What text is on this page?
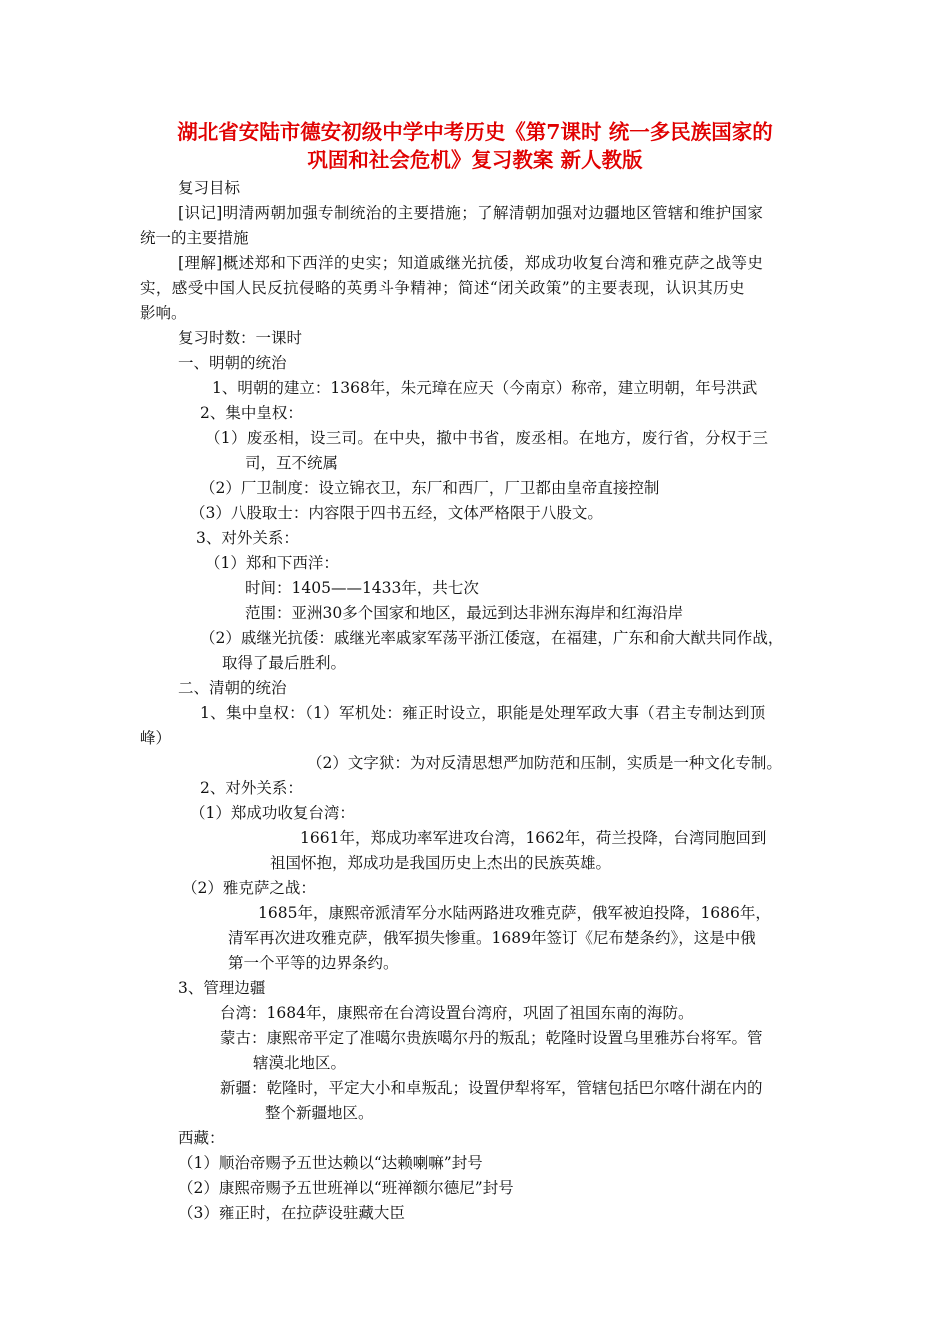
湖北省安陆市德安初级中学中考历史《第7课时 统一多民族国家的
巩固和社会危机》复习教案 新人教版
复习目标
[识记]明清两朝加强专制统治的主要措施；了解清朝加强对边疆地区管辖和维护国家
统一的主要措施
[理解]概述郑和下西洋的史实；知道戚继光抗倭，郑成功收复台湾和雅克萨之战等史
实，感受中国人民反抗侵略的英勇斗争精神；简述“闭关政策”的主要表现，认识其历史
影响。
复习时数：一课时
一、明朝的统治
1、明朝的建立：1368年，朱元璋在应天（今南京）称帝，建立明朝，年号洪武
2、集中皇权：
（1）废丞相，设三司。在中央，撤中书省，废丞相。在地方，废行省，分权于三
司，互不统属
（2）厂卫制度：设立锦衣卫，东厂和西厂，厂卫都由皇帝直接控制
（3）八股取士：内容限于四书五经，文体严格限于八股文。
3、对外关系：
（1）郑和下西洋：
时间：1405——1433年，共七次
范围：亚洲30多个国家和地区，最远到达非洲东海岸和红海沿岸
（2）戚继光抗倭：戚继光率戚家军荡平浙江倭寇，在福建，广东和俞大猷共同作战，
取得了最后胜利。
二、清朝的统治
1、集中皇权：（1）军机处：雍正时设立，职能是处理军政大事（君主专制达到顶
峰）
（2）文字狱：为对反清思想严加防范和压制，实质是一种文化专制。
2、对外关系：
（1）郑成功收复台湾：
1661年，郑成功率军进攻台湾，1662年，荷兰投降，台湾同胞回到
祖国怀抱，郑成功是我国历史上杰出的民族英雄。
（2）雅克萨之战：
1685年，康熙帝派清军分水陆两路进攻雅克萨，俄军被迫投降，1686年，
清军再次进攻雅克萨，俄军损失惨重。1689年签订《尼布楚条约》，这是中俄
第一个平等的边界条约。
3、管理边疆
台湾：1684年，康熙帝在台湾设置台湾府，巩固了祖国东南的海防。
蒙古：康熙帝平定了准噶尔贵族噶尔丹的叛乱；乾隆时设置乌里雅苏台将军。管
辖漠北地区。
新疆：乾隆时，平定大小和卓叛乱；设置伊犁将军，管辖包括巴尔喀什湖在内的
整个新疆地区。
西藏：
（1）顺治帝赐予五世达赖以“达赖喇嘛”封号
（2）康熙帝赐予五世班禅以“班禅额尔德尼”封号
（3）雍正时，在拉萨设驻藏大臣
